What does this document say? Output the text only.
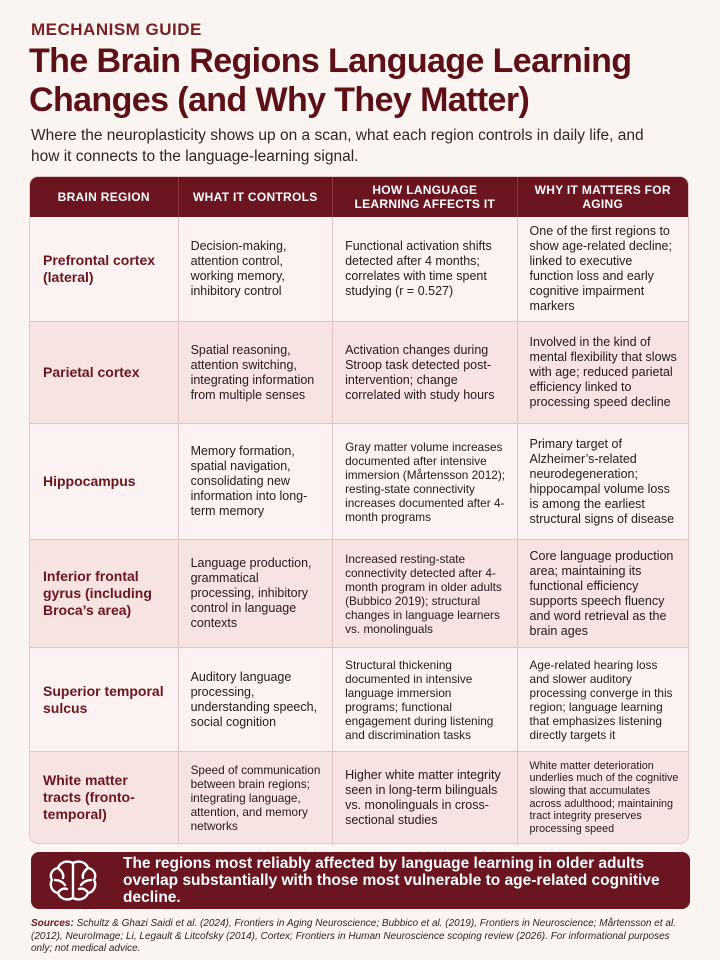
MECHANISM GUIDE
The Brain Regions Language Learning Changes (and Why They Matter)

Where the neuroplasticity shows up on a scan, what each region controls in daily life, and how it connects to the language-learning signal.

BRAIN REGION	WHAT IT CONTROLS	HOW LANGUAGE LEARNING AFFECTS IT
WHY IT MATTERS FOR AGING
Prefrontal cortex (lateral)
Decision-making, attention control, working memory, inhibitory control
Functional activation shifts detected after 4 months; correlates with time spent studying (r = 0.527)
One of the first regions to show age-related decline; linked to executive function loss and early cognitive impairment markers
Parietal cortex
Spatial reasoning, attention switching, integrating information from multiple senses
Activation changes during Stroop task detected post-intervention; change correlated with study hours
Involved in the kind of mental flexibility that slows with age; reduced parietal efficiency linked to processing speed decline
Hippocampus
Memory formation, spatial navigation, consolidating new information into long-term memory
Gray matter volume increases documented after intensive immersion (Mårtensson 2012); resting-state connectivity increases documented after 4-month programs
Primary target of Alzheimer’s-related neurodegeneration; hippocampal volume loss is among the earliest structural signs of disease
Inferior frontal gyrus (including Broca’s area)
Language production, grammatical processing, inhibitory control in language contexts
Increased resting-state connectivity detected after 4-month program in older adults (Bubbico 2019); structural changes in language learners vs. monolinguals
Core language production area; maintaining its functional efficiency supports speech fluency and word retrieval as the brain ages
Superior temporal sulcus
Auditory language processing, understanding speech, social cognition
Structural thickening documented in intensive language immersion programs; functional engagement during listening and discrimination tasks
Age-related hearing loss and slower auditory processing converge in this region; language learning that emphasizes listening directly targets it
White matter tracts (fronto-temporal)
Speed of communication between brain regions; integrating language, attention, and memory networks
Higher white matter integrity seen in long-term bilinguals vs. monolinguals in cross-sectional studies
White matter deterioration underlies much of the cognitive slowing that accumulates across adulthood; maintaining tract integrity preserves processing speed

The regions most reliably affected by language learning in older adults overlap substantially with those most vulnerable to age-related cognitive decline.

Sources: Schultz & Ghazi Saidi et al. (2024), Frontiers in Aging Neuroscience; Bubbico et al. (2019), Frontiers in Neuroscience; Mårtensson et al. (2012), NeuroImage; Li, Legault & Litcofsky (2014), Cortex; Frontiers in Human Neuroscience scoping review (2026). For informational purposes only; not medical advice.
